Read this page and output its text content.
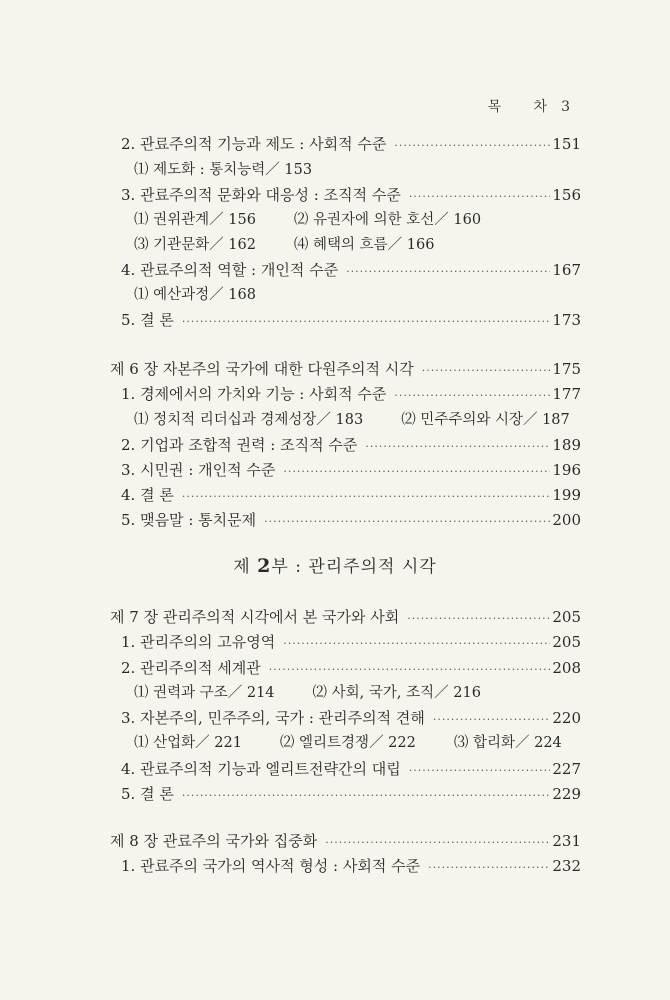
목 차3
2. 관료주의적 기능과 제도 : 사회적 수준 ·····	151
⑴ 제도화 : 통치능력／ 153
3. 관료주의적 문화와 대응성 : 조직적 수준 ·····	156
⑴ 권위관계／ 156	⑵ 유권자에 의한 호선／ 160
⑶ 기관문화／ 162	⑷ 혜택의 흐름／ 166
4. 관료주의적 역할 : 개인적 수준 ·····	167
⑴ 예산과정／ 168
5. 결 론 ·····	173
제 6 장 자본주의 국가에 대한 다원주의적 시각 ·····	175
1. 경제에서의 가치와 기능 : 사회적 수준 ·····	177
⑴ 정치적 리더십과 경제성장／ 183	⑵ 민주주의와 시장／ 187
2. 기업과 조합적 권력 : 조직적 수준 ·····	189
3. 시민권 : 개인적 수준 ·····	196
4. 결 론 ·····	199
5. 맺음말 : 통치문제 ·····	200
제 7 장 관리주의적 시각에서 본 국가와 사회 ·····	205
1. 관리주의의 고유영역 ·····	205
2. 관리주의적 세계관 ·····	208
⑴ 권력과 구조／ 214	⑵ 사회, 국가, 조직／ 216
3. 자본주의, 민주주의, 국가 : 관리주의적 견해 ·····	220
⑴ 산업화／ 221	⑵ 엘리트경쟁／ 222	⑶ 합리화／ 224
4. 관료주의적 기능과 엘리트전략간의 대립 ·····	227
5. 결 론 ·····	229
제 8 장 관료주의 국가와 집중화 ·····	231
1. 관료주의 국가의 역사적 형성 : 사회적 수준 ·····	232
제 2부 : 관리주의적 시각
